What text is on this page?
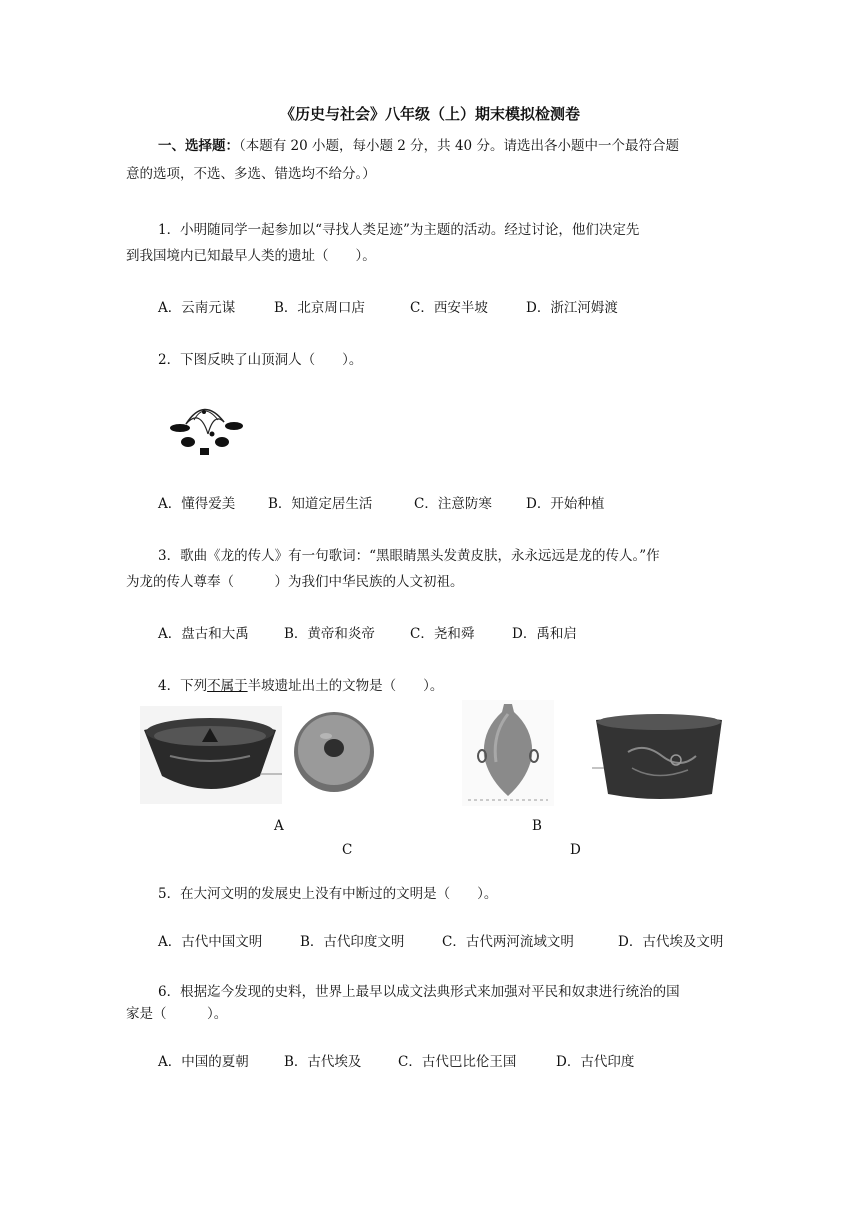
《历史与社会》八年级（上）期末模拟检测卷
一、选择题：（本题有 20 小题，每小题 2 分，共 40 分。请选出各小题中一个最符合题
意的选项，不选、多选、错选均不给分。）
1．小明随同学一起参加以“寻找人类足迹”为主题的活动。经过讨论，他们决定先
到我国境内已知最早人类的遗址（　　）。
A．云南元谋	B．北京周口店	C．西安半坡	D．浙江河姆渡
2．下图反映了山顶洞人（　　）。
A．懂得爱美 B．知道定居生活	C．注意防寒	D．开始种植
3．歌曲《龙的传人》有一句歌词：“黑眼睛黑头发黄皮肤，永永远远是龙的传人。”作
为龙的传人尊奉（　　　）为我们中华民族的人文初祖。
A．盘古和大禹	B．黄帝和炎帝	C．尧和舜	D．禹和启
4．下列不属于半坡遗址出土的文物是（　　）。
A	B
C	D
5．在大河文明的发展史上没有中断过的文明是（　　）。
A．古代中国文明	B．古代印度文明	C．古代两河流域文明	D．古代埃及文明
6．根据迄今发现的史料，世界上最早以成文法典形式来加强对平民和奴隶进行统治的国
家是（　　　）。
A．中国的夏朝	B．古代埃及	C．古代巴比伦王国	D．古代印度
